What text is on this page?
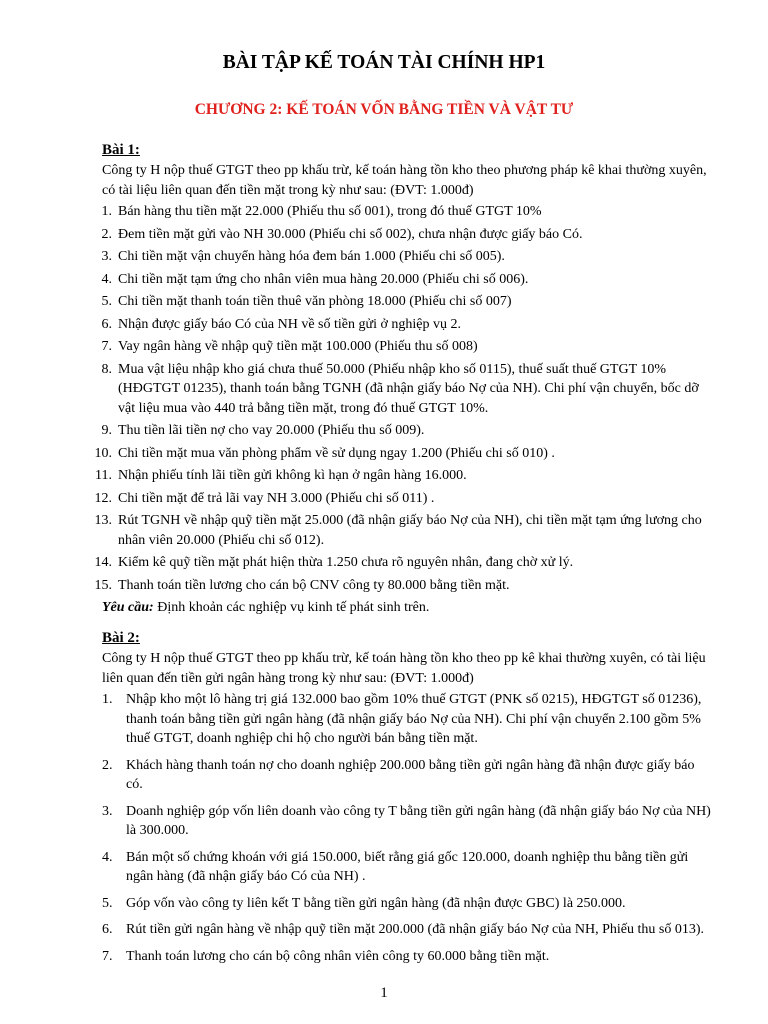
BÀI TẬP KẾ TOÁN TÀI CHÍNH HP1
CHƯƠNG 2: KẾ TOÁN VỐN BẰNG TIỀN VÀ VẬT TƯ
Bài 1:
Công ty H nộp thuế GTGT theo pp khấu trừ, kế toán hàng tồn kho theo phương pháp kê khai thường xuyên, có tài liệu liên quan đến tiền mặt trong kỳ như sau: (ĐVT: 1.000đ)
1. Bán hàng thu tiền mặt 22.000 (Phiếu thu số 001), trong đó thuế GTGT 10%
2. Đem tiền mặt gửi vào NH 30.000 (Phiếu chi số 002), chưa nhận được giấy báo Có.
3. Chi tiền mặt vận chuyển hàng hóa đem bán 1.000 (Phiếu chi số 005).
4. Chi tiền mặt tạm ứng cho nhân viên mua hàng 20.000 (Phiếu chi số 006).
5. Chi tiền mặt thanh toán tiền thuê văn phòng 18.000 (Phiếu chi số 007)
6. Nhận được giấy báo Có của NH về số tiền gửi ở nghiệp vụ 2.
7. Vay ngân hàng về nhập quỹ tiền mặt 100.000 (Phiếu thu số 008)
8. Mua vật liệu nhập kho giá chưa thuế 50.000 (Phiếu nhập kho số 0115), thuế suất thuế GTGT 10% (HĐGTGT 01235), thanh toán bằng TGNH (đã nhận giấy báo Nợ của NH). Chi phí vận chuyển, bốc dỡ vật liệu mua vào 440 trả bằng tiền mặt, trong đó thuế GTGT 10%.
9. Thu tiền lãi tiền nợ cho vay 20.000 (Phiếu thu số 009).
10. Chi tiền mặt mua văn phòng phẩm về sử dụng ngay 1.200 (Phiếu chi số 010) .
11. Nhận phiếu tính lãi tiền gửi không kì hạn ở ngân hàng 16.000.
12. Chi tiền mặt để trả lãi vay NH 3.000 (Phiếu chi số 011) .
13. Rút TGNH về nhập quỹ tiền mặt 25.000 (đã nhận giấy báo Nợ của NH), chi tiền mặt tạm ứng lương cho nhân viên 20.000 (Phiếu chi số 012).
14. Kiểm kê quỹ tiền mặt phát hiện thừa 1.250 chưa rõ nguyên nhân, đang chờ xử lý.
15. Thanh toán tiền lương cho cán bộ CNV công ty 80.000 bằng tiền mặt.
Yêu cầu: Định khoản các nghiệp vụ kinh tế phát sinh trên.
Bài 2:
Công ty H nộp thuế GTGT theo pp khấu trừ, kế toán hàng tồn kho theo pp kê khai thường xuyên, có tài liệu liên quan đến tiền gửi ngân hàng trong kỳ như sau: (ĐVT: 1.000đ)
1. Nhập kho một lô hàng trị giá 132.000 bao gồm 10% thuế GTGT (PNK số 0215), HĐGTGT số 01236), thanh toán bằng tiền gửi ngân hàng (đã nhận giấy báo Nợ của NH). Chi phí vận chuyển 2.100 gồm 5% thuế GTGT, doanh nghiệp chi hộ cho người bán bằng tiền mặt.
2. Khách hàng thanh toán nợ cho doanh nghiệp 200.000 bằng tiền gửi ngân hàng đã nhận được giấy báo có.
3. Doanh nghiệp góp vốn liên doanh vào công ty T bằng tiền gửi ngân hàng (đã nhận giấy báo Nợ của NH) là 300.000.
4. Bán một số chứng khoán với giá 150.000, biết rằng giá gốc 120.000, doanh nghiệp thu bằng tiền gửi ngân hàng (đã nhận giấy báo Có của NH) .
5. Góp vốn vào công ty liên kết T bằng tiền gửi ngân hàng (đã nhận được GBC) là 250.000.
6. Rút tiền gửi ngân hàng về nhập quỹ tiền mặt 200.000 (đã nhận giấy báo Nợ của NH, Phiếu thu số 013).
7. Thanh toán lương cho cán bộ công nhân viên công ty 60.000 bằng tiền mặt.
1
